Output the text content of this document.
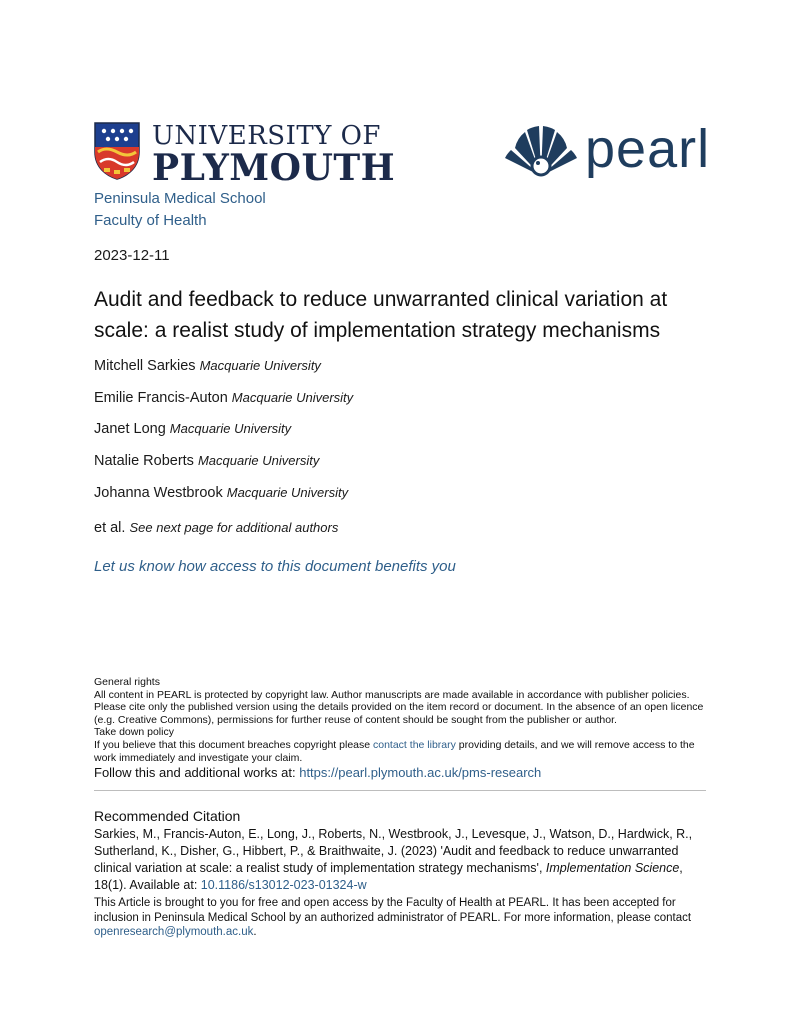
UNIVERSITY OF
PLYMOUTH	pearl
Peninsula Medical School
Faculty of Health
2023-12-11
Audit and feedback to reduce unwarranted clinical variation at scale: a realist study of implementation strategy mechanisms
Mitchell Sarkies Macquarie University
Emilie Francis-Auton Macquarie University
Janet Long Macquarie University
Natalie Roberts Macquarie University
Johanna Westbrook Macquarie University
et al. See next page for additional authors
Let us know how access to this document benefits you

General rights

All content in PEARL is protected by copyright law. Author manuscripts are made available in accordance with publisher policies. Please cite only the published version using the details provided on the item record or document. In the absence of an open licence (e.g. Creative Commons), permissions for further reuse of content should be sought from the publisher or author.

Take down policy

If you believe that this document breaches copyright please contact the library providing details, and we will remove access to the work immediately and investigate your claim.

Follow this and additional works at: https://pearl.plymouth.ac.uk/pms-research

Recommended Citation

Sarkies, M., Francis-Auton, E., Long, J., Roberts, N., Westbrook, J., Levesque, J., Watson, D., Hardwick, R., Sutherland, K., Disher, G., Hibbert, P., & Braithwaite, J. (2023) 'Audit and feedback to reduce unwarranted clinical variation at scale: a realist study of implementation strategy mechanisms', Implementation Science, 18(1). Available at: 10.1186/s13012-023-01324-w

This Article is brought to you for free and open access by the Faculty of Health at PEARL. It has been accepted for inclusion in Peninsula Medical School by an authorized administrator of PEARL. For more information, please contact openresearch@plymouth.ac.uk.
